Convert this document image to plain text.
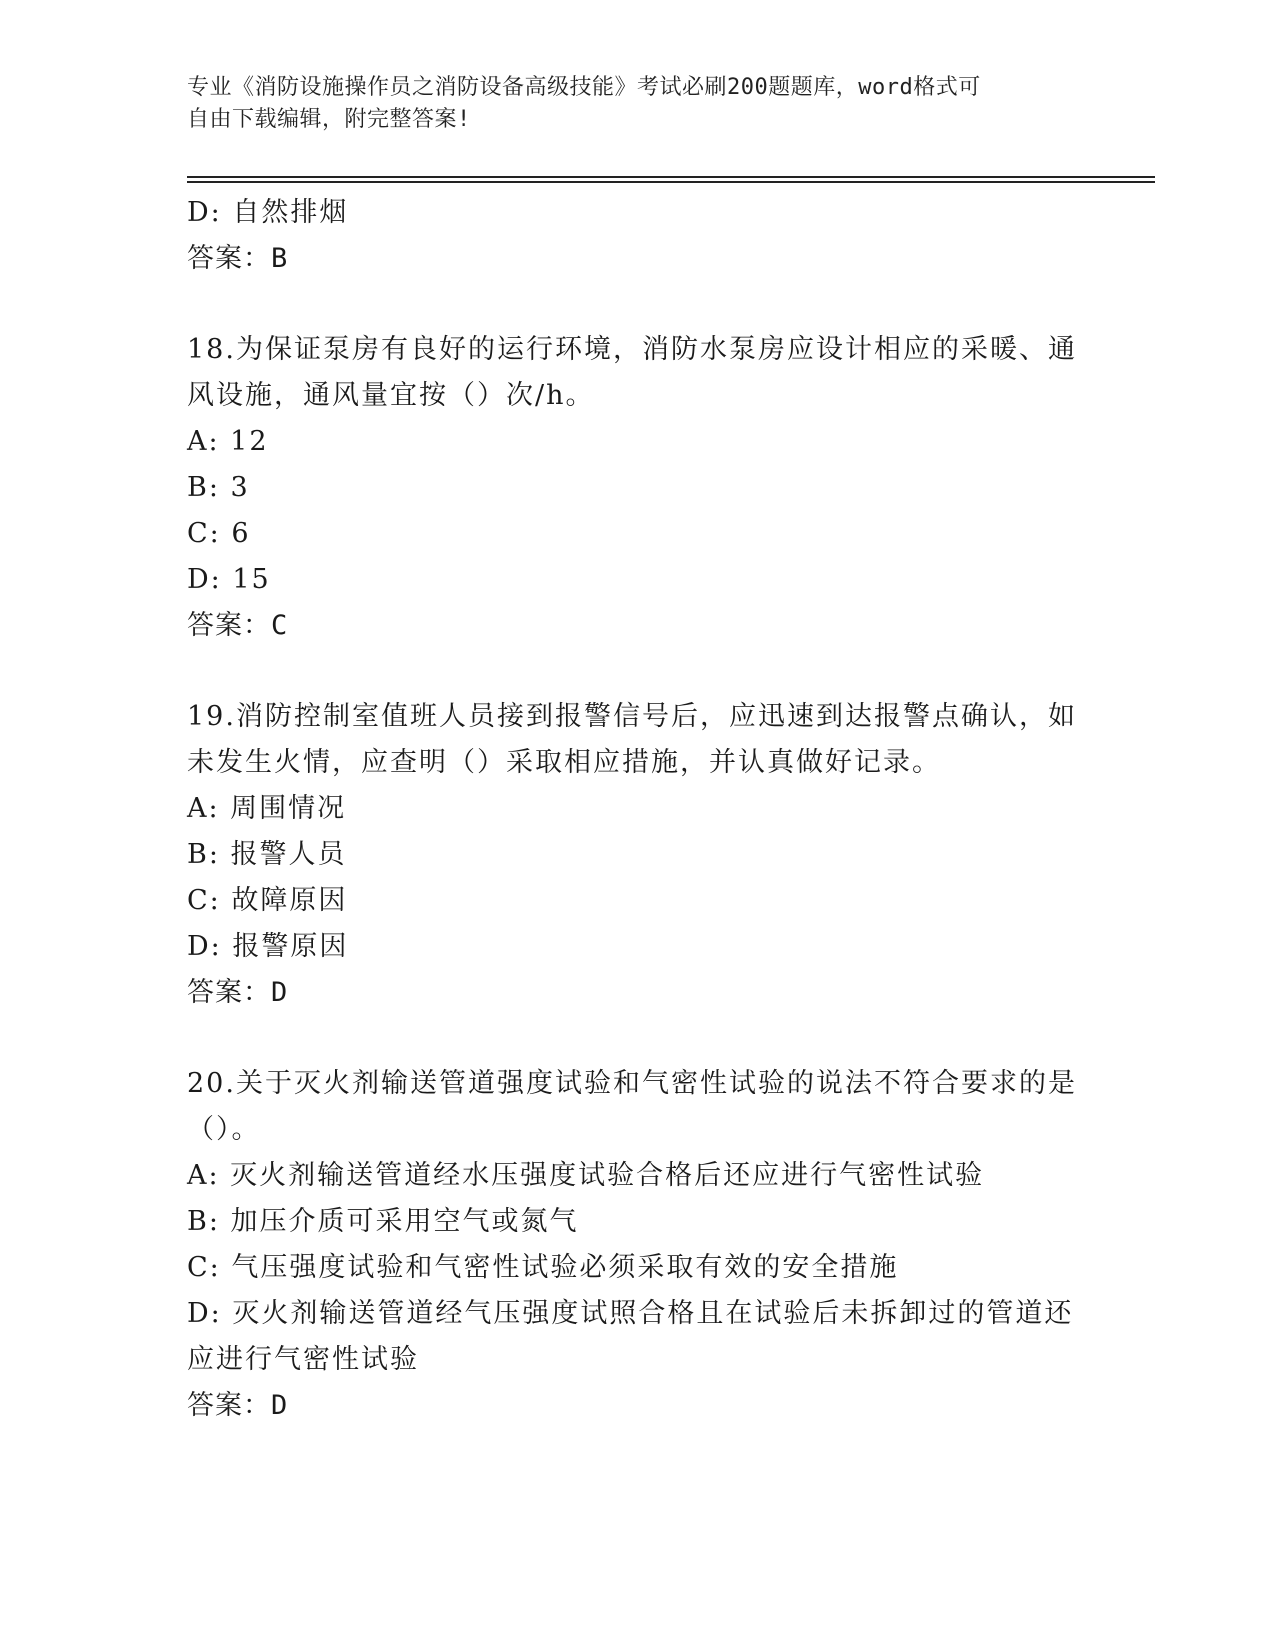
专业《消防设施操作员之消防设备高级技能》考试必刷200题题库，word格式可
自由下载编辑，附完整答案!
D: 自然排烟
答案：B
18.为保证泵房有良好的运行环境，消防水泵房应设计相应的采暖、通
风设施，通风量宜按（）次/h。
A: 12
B: 3
C: 6
D: 15
答案：C
19.消防控制室值班人员接到报警信号后，应迅速到达报警点确认，如
未发生火情，应查明（）采取相应措施，并认真做好记录。
A: 周围情况
B: 报警人员
C: 故障原因
D: 报警原因
答案：D
20.关于灭火剂输送管道强度试验和气密性试验的说法不符合要求的是
（）。
A: 灭火剂输送管道经水压强度试验合格后还应进行气密性试验
B: 加压介质可采用空气或氮气
C: 气压强度试验和气密性试验必须采取有效的安全措施
D: 灭火剂输送管道经气压强度试照合格且在试验后未拆卸过的管道还
应进行气密性试验
答案：D
